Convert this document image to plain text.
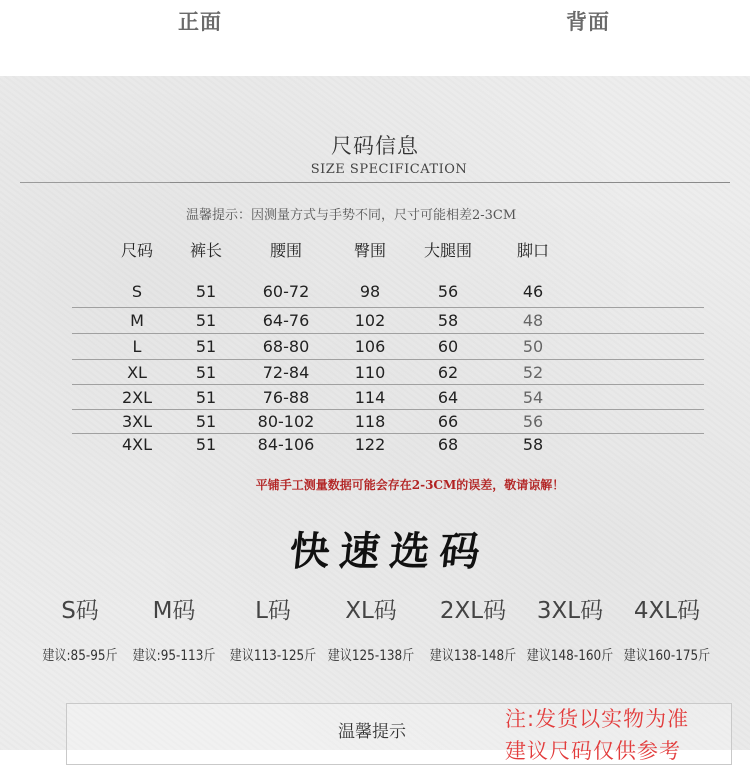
正面	背面
尺码信息
SIZE SPECIFICATION
温馨提示：因测量方式与手势不同，尺寸可能相差2-3CM
尺码	裤长	腰围	臀围	大腿围	脚口
S	51	60-72	98	56	46
M	51	64-76	102	58	48
L	51	68-80	106	60	50
XL	51	72-84	110	62	52
2XL	51	76-88	114	64	54
3XL	51	80-102	118	66	56
4XL	51	84-106	122	68	58
平铺手工测量数据可能会存在2-3CM的误差，敬请谅解！
快速选码
S码
建议:85-95斤
M码
建议:95-113斤
L码
建议113-125斤
XL码
建议125-138斤
2XL码
建议138-148斤
3XL码
建议148-160斤
4XL码
建议160-175斤
温馨提示
注:发货以实物为准
建议尺码仅供参考
